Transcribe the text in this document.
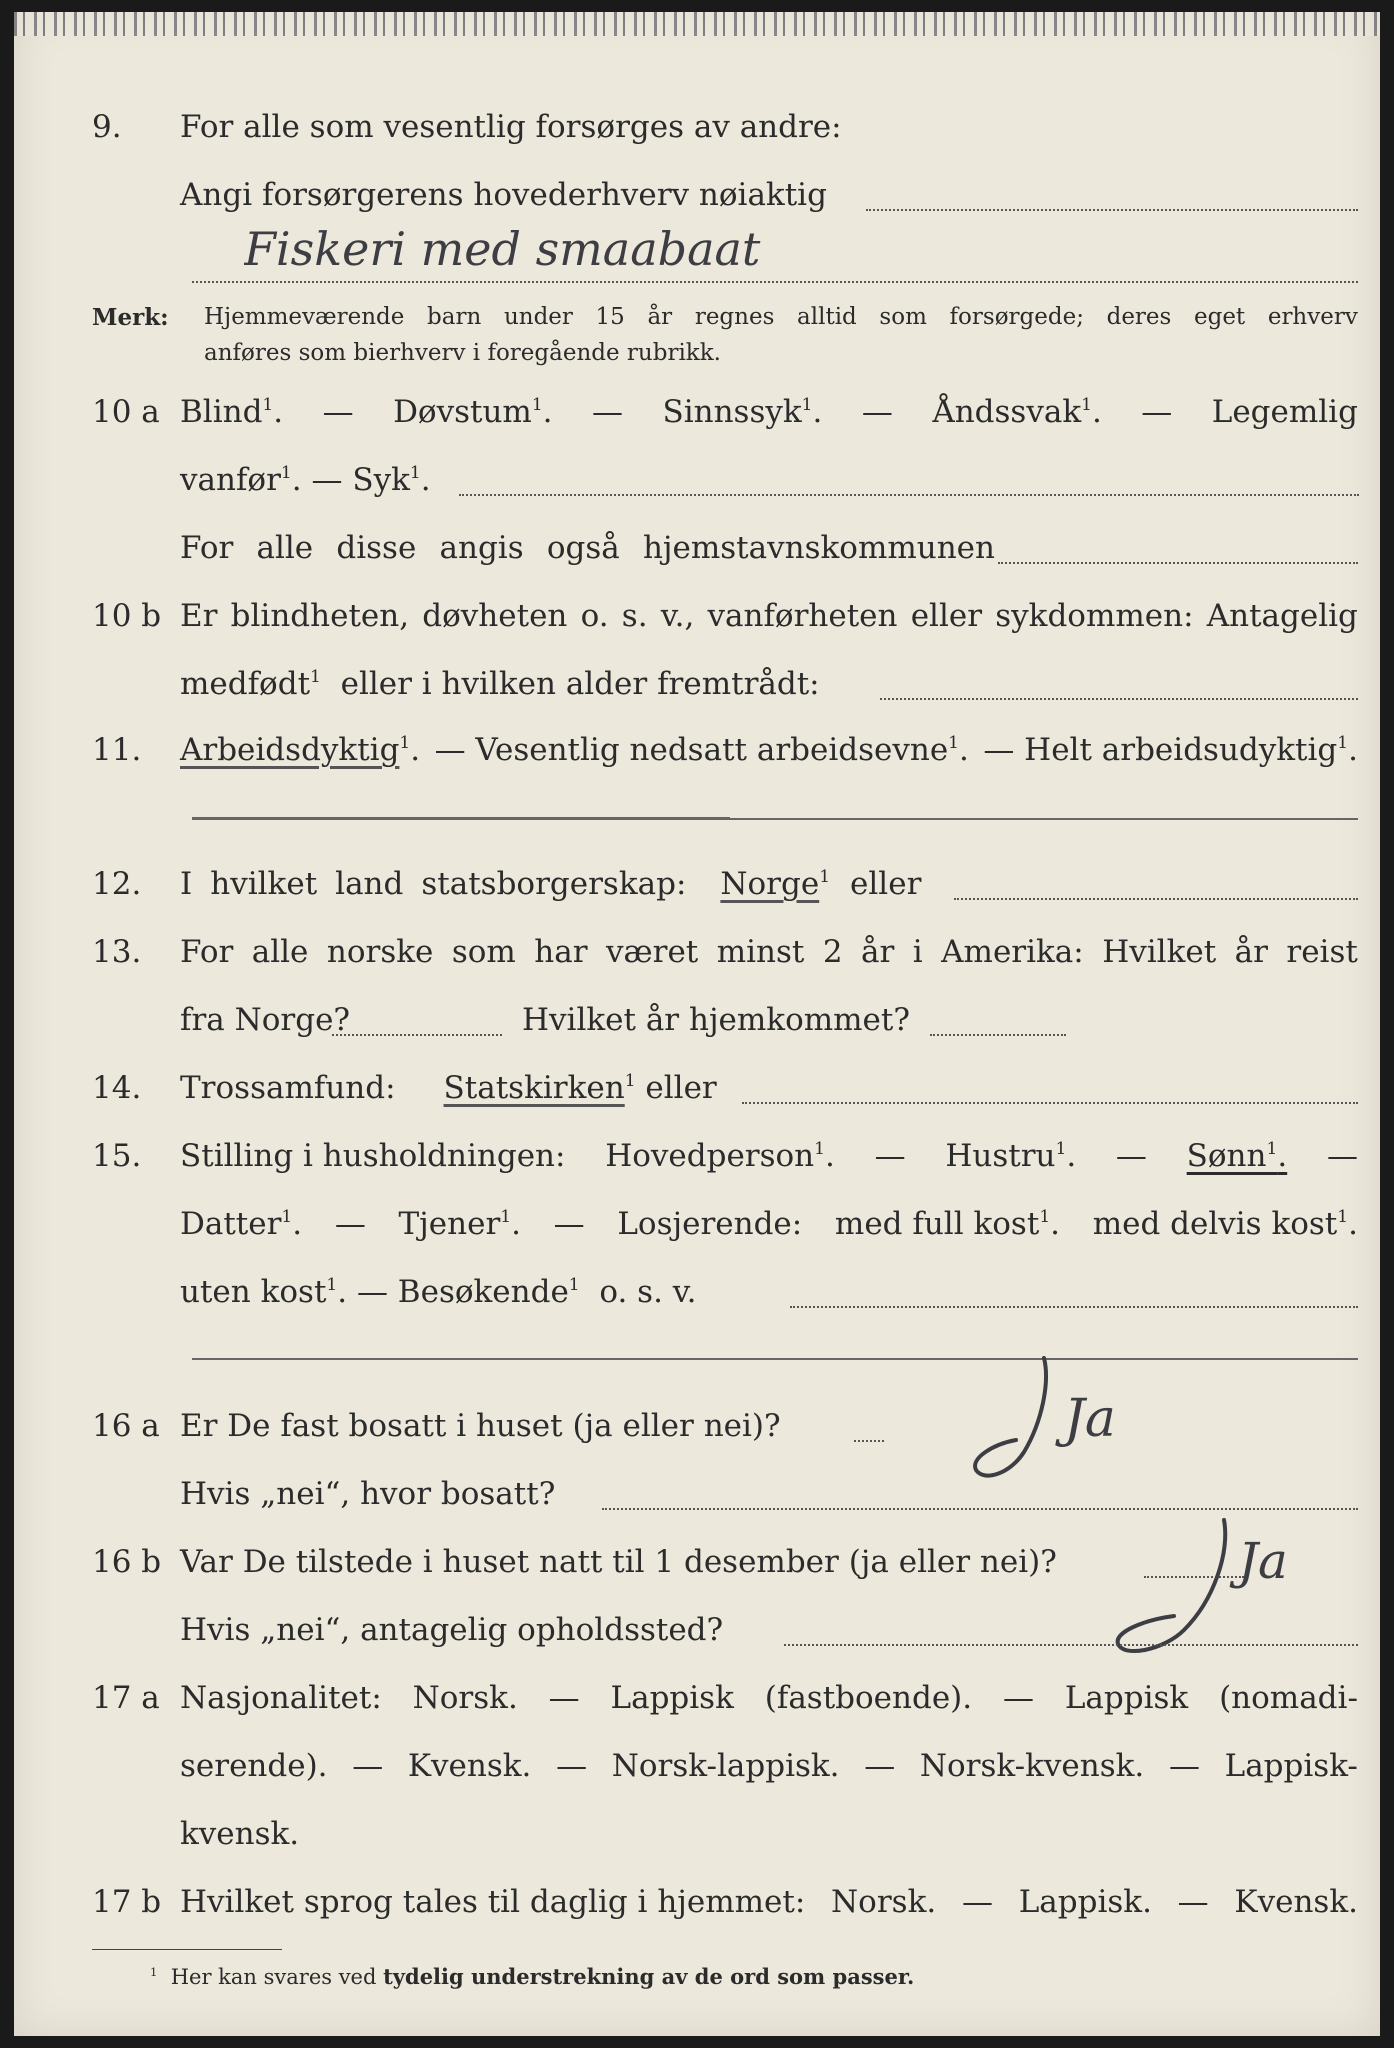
9. For alle som vesentlig forsørges av andre:
Angi forsørgerens hovederhverv nøiaktig
Fiskeri med smaabaat
Merk: Hjemmeværende barn under 15 år regnes alltid som forsørgede; deres eget erhverv
anføres som bierhverv i foregående rubrikk.
10 a Blind$^1$. — Døvstum$^1$. — Sinnssyk$^1$. — Åndssvak$^1$. — Legemlig
vanfør$^1$. — Syk$^1$.
For alle disse angis også hjemstavnskommunen
10 b Er blindheten, døvheten o. s. v., vanførheten eller sykdommen: Antagelig
medfødt$^1$ eller i hvilken alder fremtrådt:
11. Arbeidsdyktig$^1$. — Vesentlig nedsatt arbeidsevne$^1$. — Helt arbeidsudyktig$^1$.
12. I hvilket land statsborgerskap: Norge$^1$ eller
13. For alle norske som har været minst 2 år i Amerika: Hvilket år reist
fra Norge?	Hvilket år hjemkommet?
14. Trossamfund: Statskirken$^1$ eller
15. Stilling i husholdningen: Hovedperson$^1$. — Hustru$^1$. — Sønn$^1$. —
Datter$^1$. — Tjener$^1$. — Losjerende: med full kost$^1$. med delvis kost$^1$.
uten kost$^1$. — Besøkende$^1$ o. s. v.
16 a Er De fast bosatt i huset (ja eller nei)?	Ja
Hvis „nei“, hvor bosatt?
16 b Var De tilstede i huset natt til 1 desember (ja eller nei)?	Ja
Hvis „nei“, antagelig opholdssted?
17 a Nasjonalitet: Norsk. — Lappisk (fastboende). — Lappisk (nomadi-
serende). — Kvensk. — Norsk-lappisk. — Norsk-kvensk. — Lappisk-
kvensk.
17 b Hvilket sprog tales til daglig i hjemmet: Norsk. — Lappisk. — Kvensk.
$^1$ Her kan svares ved tydelig understrekning av de ord som passer.
